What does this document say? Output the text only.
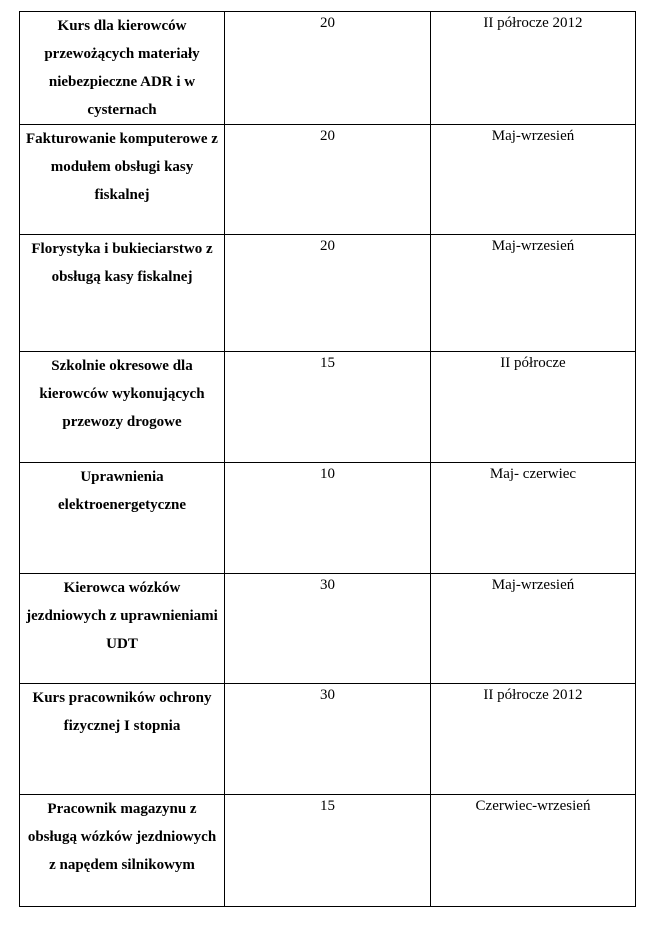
Kurs dla kierowców przewożących materiały niebezpieczne ADR i w cysternach	20	II półrocze 2012
Fakturowanie komputerowe z modułem obsługi kasy fiskalnej	20	Maj-wrzesień
Florystyka i bukieciarstwo z obsługą kasy fiskalnej	20	Maj-wrzesień
Szkolnie okresowe dla kierowców wykonujących przewozy drogowe	15	II półrocze
Uprawnienia elektroenergetyczne	10	Maj- czerwiec
Kierowca wózków jezdniowych z uprawnieniami UDT	30	Maj-wrzesień
Kurs pracowników ochrony fizycznej I stopnia	30	II półrocze 2012
Pracownik magazynu z obsługą wózków jezdniowych z napędem silnikowym	15	Czerwiec-wrzesień
